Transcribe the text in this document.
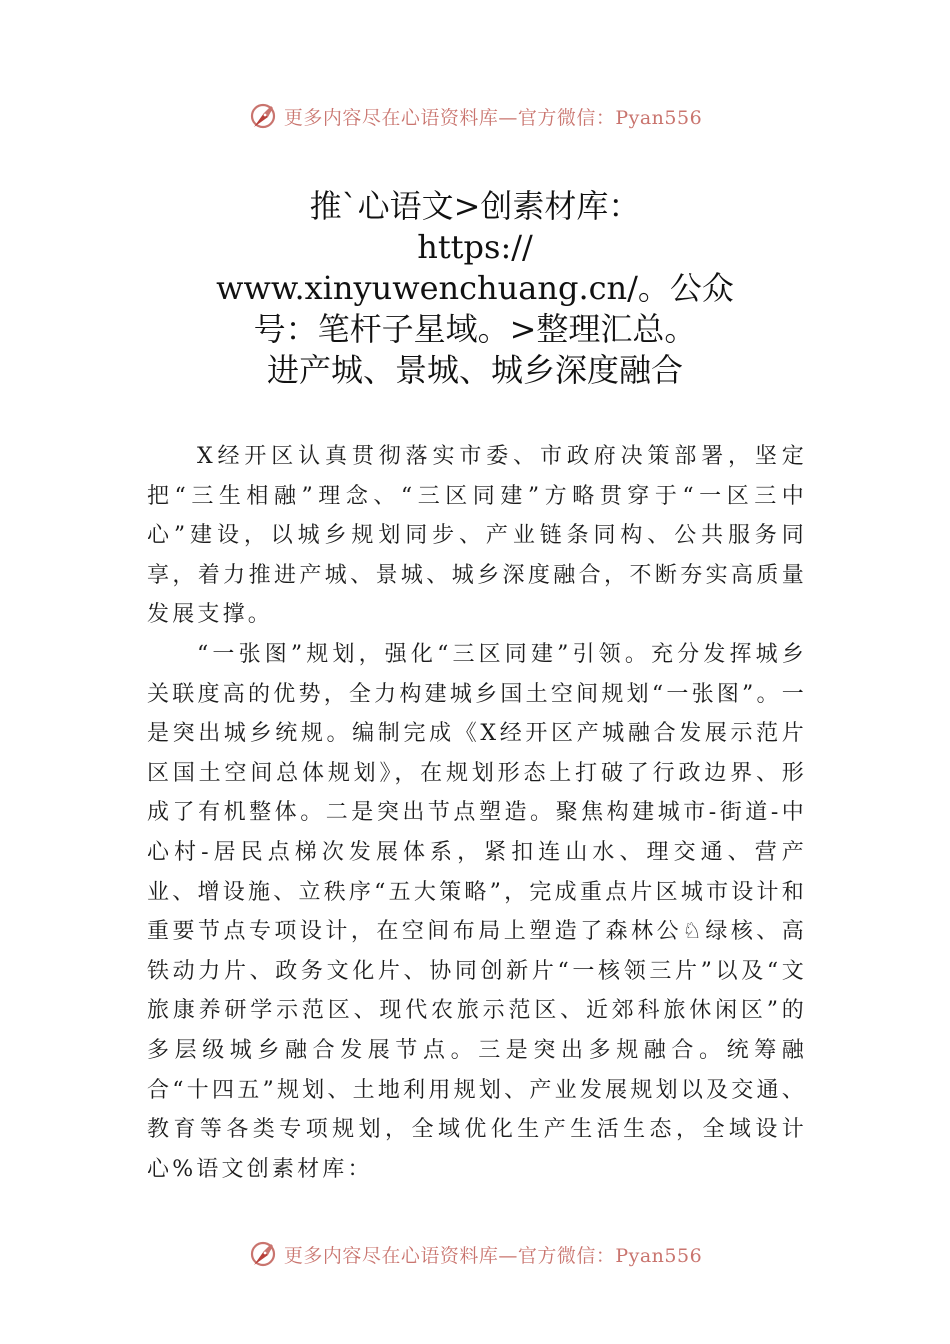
更多内容尽在心语资料库—官方微信：Pyan556
推`心语文>创素材库：
https://
www.xinyuwenchuang.cn/。公众
号：笔杆子星域。>整理汇总。
进产城、景城、城乡深度融合

X经开区认真贯彻落实市委、市政府决策部署，坚定把“三生相融”理念、“三区同建”方略贯穿于“一区三中心”建设，以城乡规划同步、产业链条同构、公共服务同享，着力推进产城、景城、城乡深度融合，不断夯实高质量发展支撑。

“一张图”规划，强化“三区同建”引领。充分发挥城乡关联度高的优势，全力构建城乡国土空间规划“一张图”。一是突出城乡统规。编制完成《X经开区产城融合发展示范片区国土空间总体规划》，在规划形态上打破了行政边界、形成了有机整体。二是突出节点塑造。聚焦构建城市-街道-中心村-居民点梯次发展体系，紧扣连山水、理交通、营产业、增设施、立秩序“五大策略”，完成重点片区城市设计和重要节点专项设计，在空间布局上塑造了森林公♘绿核、高铁动力片、政务文化片、协同创新片“一核领三片”以及“文旅康养研学示范区、现代农旅示范区、近郊科旅休闲区”的多层级城乡融合发展节点。三是突出多规融合。统筹融合“十四五”规划、土地利用规划、产业发展规划以及交通、教育等各类专项规划，全域优化生产生活生态，全域设计心%语文创素材库：

更多内容尽在心语资料库—官方微信：Pyan556
